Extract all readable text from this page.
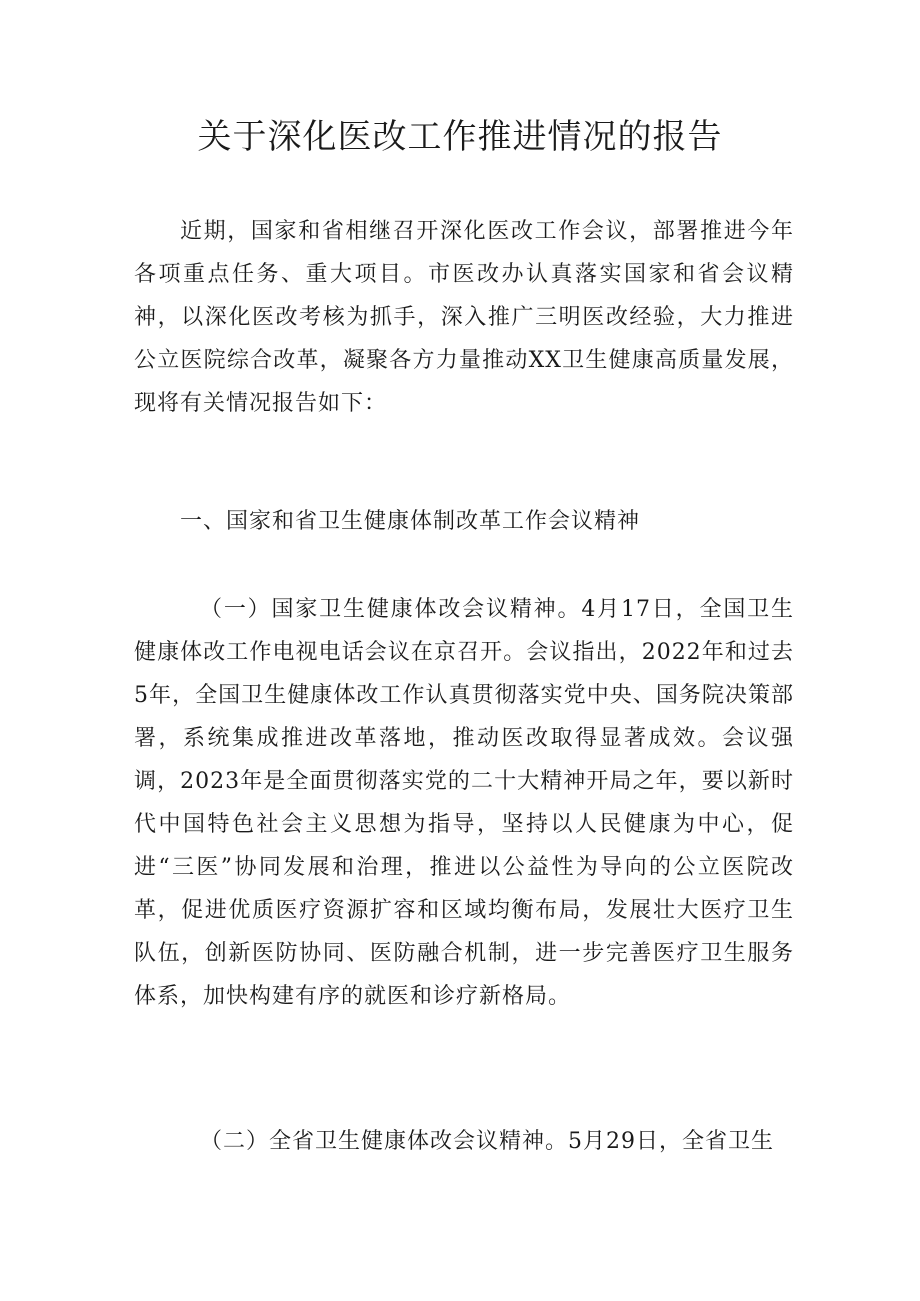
关于深化医改工作推进情况的报告

近期，国家和省相继召开深化医改工作会议，部署推进今年各项重点任务、重大项目。市医改办认真落实国家和省会议精神，以深化医改考核为抓手，深入推广三明医改经验，大力推进公立医院综合改革，凝聚各方力量推动XX卫生健康高质量发展，现将有关情况报告如下：

一、国家和省卫生健康体制改革工作会议精神

（一）国家卫生健康体改会议精神。4月17日，全国卫生健康体改工作电视电话会议在京召开。会议指出，2022年和过去5年，全国卫生健康体改工作认真贯彻落实党中央、国务院决策部署，系统集成推进改革落地，推动医改取得显著成效。会议强调，2023年是全面贯彻落实党的二十大精神开局之年，要以新时代中国特色社会主义思想为指导，坚持以人民健康为中心，促进“三医”协同发展和治理，推进以公益性为导向的公立医院改革，促进优质医疗资源扩容和区域均衡布局，发展壮大医疗卫生队伍，创新医防协同、医防融合机制，进一步完善医疗卫生服务体系，加快构建有序的就医和诊疗新格局。

（二）全省卫生健康体改会议精神。5月29日，全省卫生
